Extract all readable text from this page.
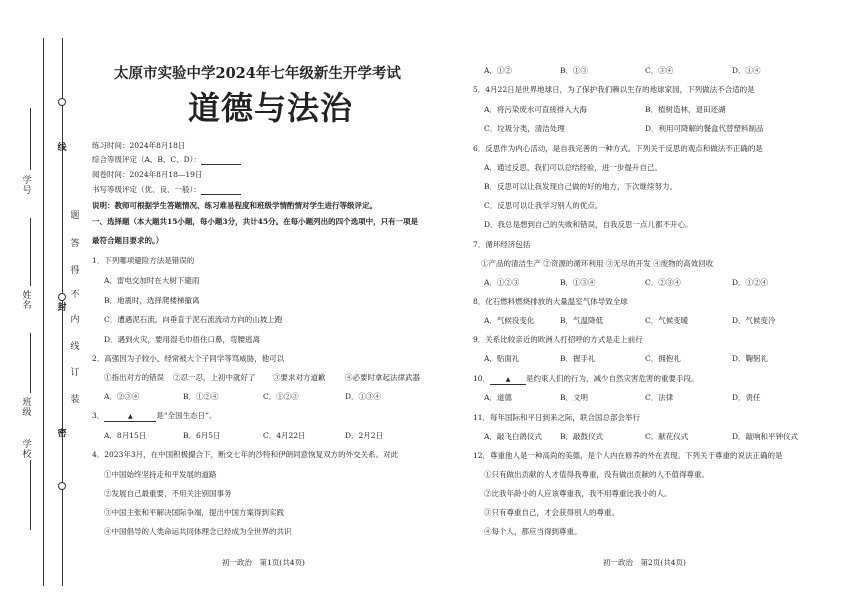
线
封
密
题
答
得
不
内
线
订
装
学号
姓名
班级
学校
太原市实验中学2024年七年级新生开学考试
道德与法治
练习时间：2024年8月18日
综合等级评定（A、B、C、D）：
阅卷时间：2024年8月18—19日
书写等级评定（优、良、一般）：
说明：教师可根据学生答题情况、练习难易程度和班级学情酌情对学生进行等级评定。
一、选择题（本大题共15小题，每小题3分，共计45分。在每小题列出的四个选项中，只有一项是
最符合题目要求的。）
1．下列哪项避险方法是错误的
A．雷电交加时在大树下避雨
B．地震时，选择爬楼梯撤离
C．遭遇泥石流，向垂直于泥石流流动方向的山坡上跑
D．遇到火灾，要用湿毛巾捂住口鼻，弯腰逃离
2．高强因为子较小，经常被大个子同学等骂威胁，他可以
①指出对方的错误 ②忍一忍，上初中就好了 ③要求对方道歉	④必要时拿起法律武器
A．②③④	B．①②④	C．①②③	D．①③④
3．	▲	是“全国生态日”。
A．8月15日	B．6月5日	C．4月22日	D．2月2日
4．2023年3月，在中国积极撮合下，断交七年的沙特和伊朗同意恢复双方的外交关系。对此
①中国始终坚持走和平发展的道路
②发展自己最重要，不用关注别国事务
③中国主张和平解决国际争端，提出中国方案得到实践
④中国倡导的人类命运共同体理念已经成为全世界的共识
初一政治　第1页(共4页)
A．①②	B．①③	C．③④	D．①④
5．4月22日是世界地球日，为了保护我们赖以生存的地球家园，下列做法不合适的是
A．将污染废水可直接排入大海	B．植树造林，退田还湖
C．垃圾分类，清洁处理	D．利用可降解的餐盒代替塑料制品
6．反思作为内心活动，是自我完善的一种方式。下列关于反思的观点和做法不正确的是
A．通过反思，我们可以总结经验，进一步提升自己。
B．反思可以让我发现自己做的好的地方，下次继续努力。
C．反思可以让我学习别人的优点。
D．我总是想到自己的失败和错误，自我反思一点儿都不开心。
7．循环经济包括
①产品的清洁生产 ②资源的循环利用 ③无尽的开发 ④废物的高效回收
A．①②③	B．①③④	C．②③④	D．①②④
8．化石燃料燃烧排放的大量温室气体导致全球
A．气候没变化	B．气温降低	C．气候变暖	D．气候变冷
9．关系比较亲近的欧洲人打招呼的方式是走上前行
A．贴面礼	B．握手礼	C．拥抱礼	D．鞠躬礼
10．	▲ 是约束人们的行为，减少自然灾害危害的重要手段。
A．道德	B．文明	C．法律	D．责任
11．每年国际和平日到来之际，联合国总部会举行
A．敲飞白鸽仪式 B．敲鼓仪式	C．献花仪式	D．敲响和平钟仪式
12．尊重他人是一种高尚的美德，是个人内在修养的外在表现。下列关于尊重的说法正确的是
①只有做出贡献的人才值得我尊重，没有做出贡献的人不值得尊重。
②比我年龄小的人应该尊重我，我不用尊重比我小的人。
③只有尊重自己，才会获得别人的尊重。
④每个人，都应当得到尊重。
初一政治　第2页(共4页)
